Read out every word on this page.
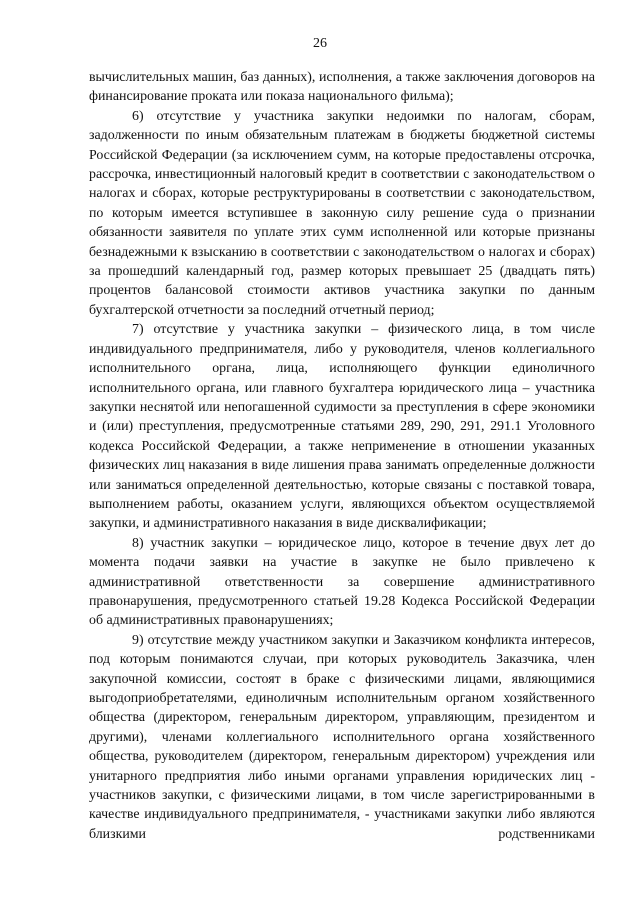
26

вычислительных машин, баз данных), исполнения, а также заключения договоров на финансирование проката или показа национального фильма);

6) отсутствие у участника закупки недоимки по налогам, сборам, задолженности по иным обязательным платежам в бюджеты бюджетной системы Российской Федерации (за исключением сумм, на которые предоставлены отсрочка, рассрочка, инвестиционный налоговый кредит в соответствии с законодательством о налогах и сборах, которые реструктурированы в соответствии с законодательством, по которым имеется вступившее в законную силу решение суда о признании обязанности заявителя по уплате этих сумм исполненной или которые признаны безнадежными к взысканию в соответствии с законодательством о налогах и сборах) за прошедший календарный год, размер которых превышает 25 (двадцать пять) процентов балансовой стоимости активов участника закупки по данным бухгалтерской отчетности за последний отчетный период;

7) отсутствие у участника закупки – физического лица, в том числе индивидуального предпринимателя, либо у руководителя, членов коллегиального исполнительного органа, лица, исполняющего функции единоличного исполнительного органа, или главного бухгалтера юридического лица – участника закупки неснятой или непогашенной судимости за преступления в сфере экономики и (или) преступления, предусмотренные статьями 289, 290, 291, 291.1 Уголовного кодекса Российской Федерации, а также неприменение в отношении указанных физических лиц наказания в виде лишения права занимать определенные должности или заниматься определенной деятельностью, которые связаны с поставкой товара, выполнением работы, оказанием услуги, являющихся объектом осуществляемой закупки, и административного наказания в виде дисквалификации;

8) участник закупки – юридическое лицо, которое в течение двух лет до момента подачи заявки на участие в закупке не было привлечено к административной ответственности за совершение административного правонарушения, предусмотренного статьей 19.28 Кодекса Российской Федерации об административных правонарушениях;

9) отсутствие между участником закупки и Заказчиком конфликта интересов, под которым понимаются случаи, при которых руководитель Заказчика, член закупочной комиссии, состоят в браке с физическими лицами, являющимися выгодоприобретателями, единоличным исполнительным органом хозяйственного общества (директором, генеральным директором, управляющим, президентом и другими), членами коллегиального исполнительного органа хозяйственного общества, руководителем (директором, генеральным директором) учреждения или унитарного предприятия либо иными органами управления юридических лиц - участников закупки, с физическими лицами, в том числе зарегистрированными в качестве индивидуального предпринимателя, - участниками закупки либо являются близкими родственниками
